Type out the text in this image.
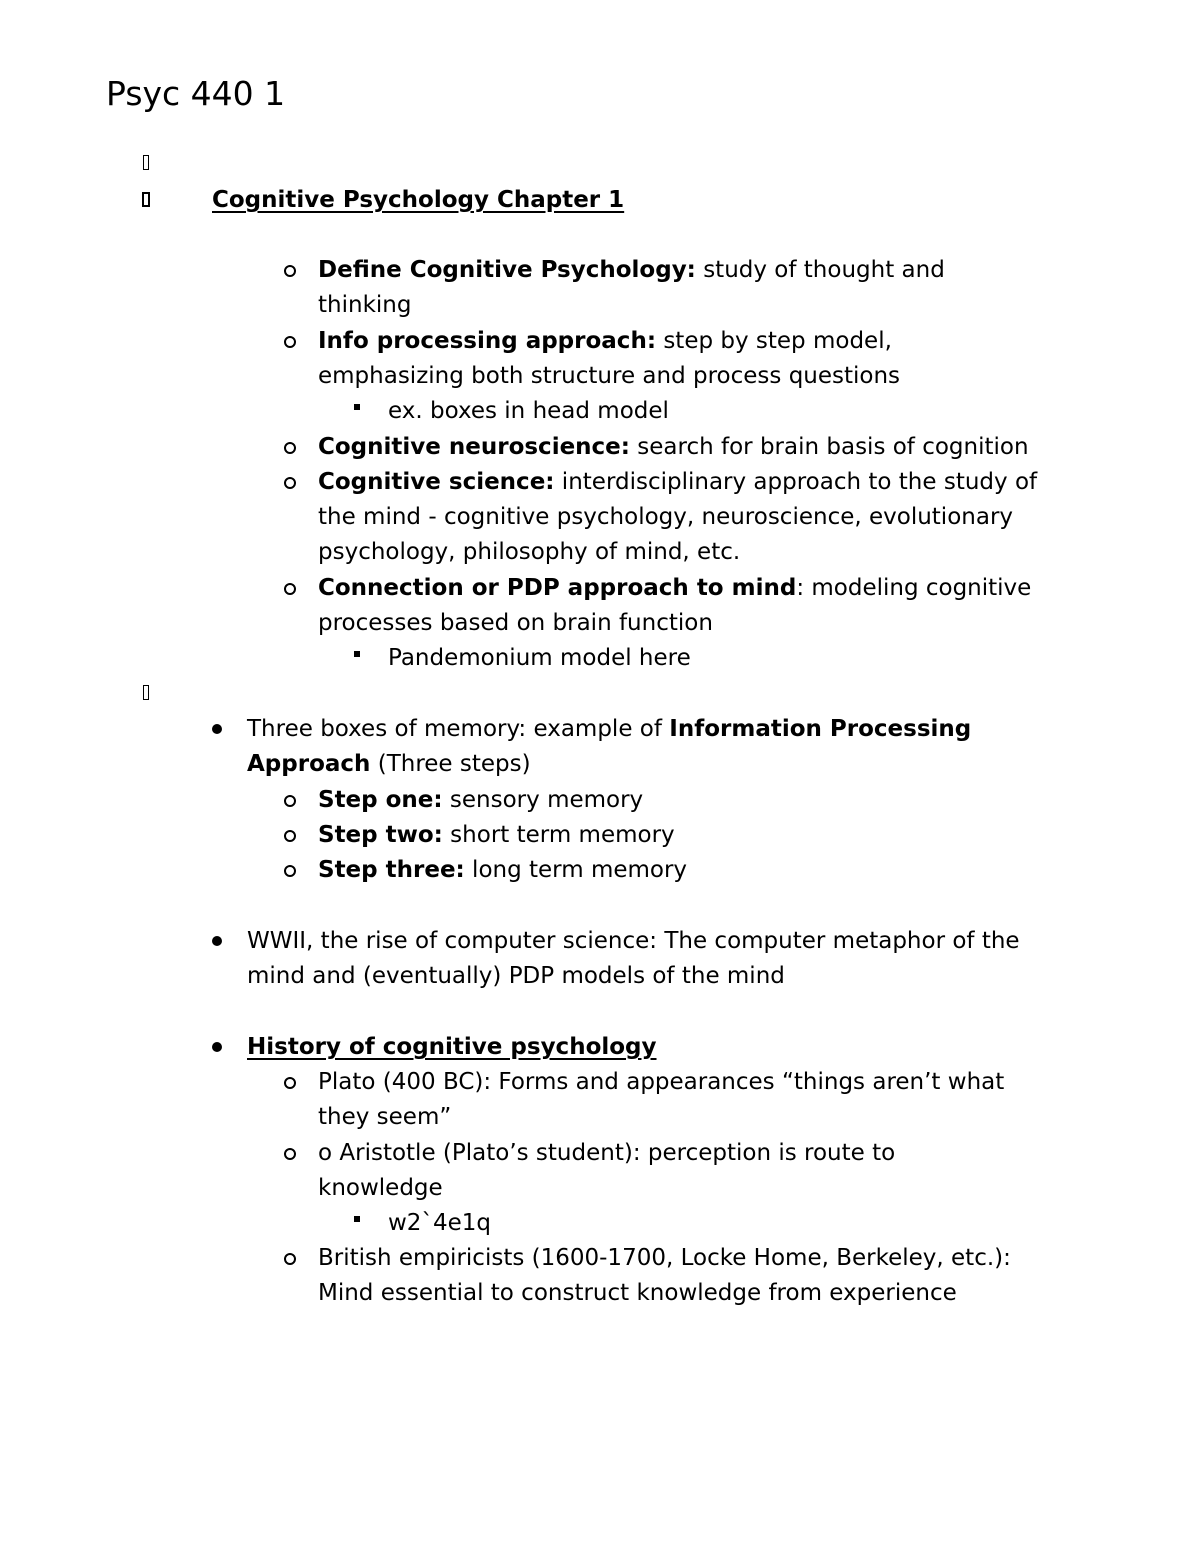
Psyc 440 1
Cognitive Psychology Chapter 1
Define Cognitive Psychology: study of thought and
thinking
Info processing approach: step by step model,
emphasizing both structure and process questions
ex. boxes in head model
Cognitive neuroscience: search for brain basis of cognition
Cognitive science: interdisciplinary approach to the study of
the mind - cognitive psychology, neuroscience, evolutionary
psychology, philosophy of mind, etc.
Connection or PDP approach to mind: modeling cognitive
processes based on brain function
Pandemonium model here
Three boxes of memory: example of Information Processing
Approach (Three steps)
Step one: sensory memory
Step two: short term memory
Step three: long term memory
WWII, the rise of computer science: The computer metaphor of the
mind and (eventually) PDP models of the mind
History of cognitive psychology
Plato (400 BC): Forms and appearances “things aren’t what
they seem”
o Aristotle (Plato’s student): perception is route to
knowledge
w2`4e1q
British empiricists (1600-1700, Locke Home, Berkeley, etc.):
Mind essential to construct knowledge from experience
